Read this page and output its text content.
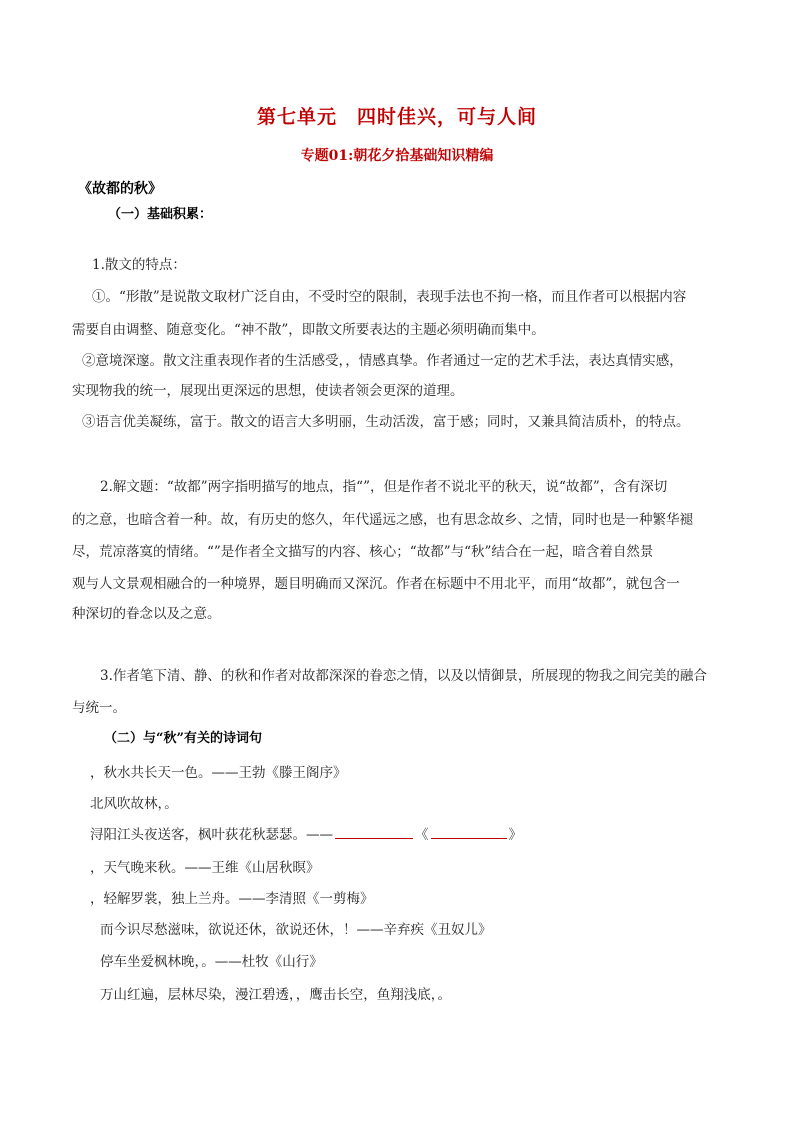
第七单元　四时佳兴，可与人间
专题01:朝花夕拾基础知识精编
《故都的秋》
（一）基础积累：
1.散文的特点：
①。“形散”是说散文取材广泛自由，不受时空的限制，表现手法也不拘一格，而且作者可以根据内容
需要自由调整、随意变化。“神不散”，即散文所要表达的主题必须明确而集中。
②意境深邃。散文注重表现作者的生活感受，，情感真挚。作者通过一定的艺术手法，表达真情实感，
实现物我的统一，展现出更深远的思想，使读者领会更深的道理。
③语言优美凝练，富于。散文的语言大多明丽，生动活泼，富于感；同时，又兼具简洁质朴，的特点。
2.解文题：“故都”两字指明描写的地点，指“”，但是作者不说北平的秋天，说“故都”，含有深切
的之意，也暗含着一种。故，有历史的悠久，年代遥远之感，也有思念故乡、之情，同时也是一种繁华褪
尽，荒凉落寞的情绪。“”是作者全文描写的内容、核心；“故都”与“秋”结合在一起，暗含着自然景
观与人文景观相融合的一种境界，题目明确而又深沉。作者在标题中不用北平，而用“故都”，就包含一
种深切的眷念以及之意。
3.作者笔下清、静、的秋和作者对故都深深的眷恋之情，以及以情御景，所展现的物我之间完美的融合
与统一。
（二）与“秋”有关的诗词句
，秋水共长天一色。——王勃《滕王阁序》
北风吹故林，。
浔阳江头夜送客，枫叶荻花秋瑟瑟。——	《	》
，天气晚来秋。——王维《山居秋暝》
，轻解罗裳，独上兰舟。——李清照《一剪梅》
而今识尽愁滋味，欲说还休，欲说还休，！——辛弃疾《丑奴儿》
停车坐爱枫林晚，。——杜牧《山行》
万山红遍，层林尽染，漫江碧透，，鹰击长空，鱼翔浅底，。
